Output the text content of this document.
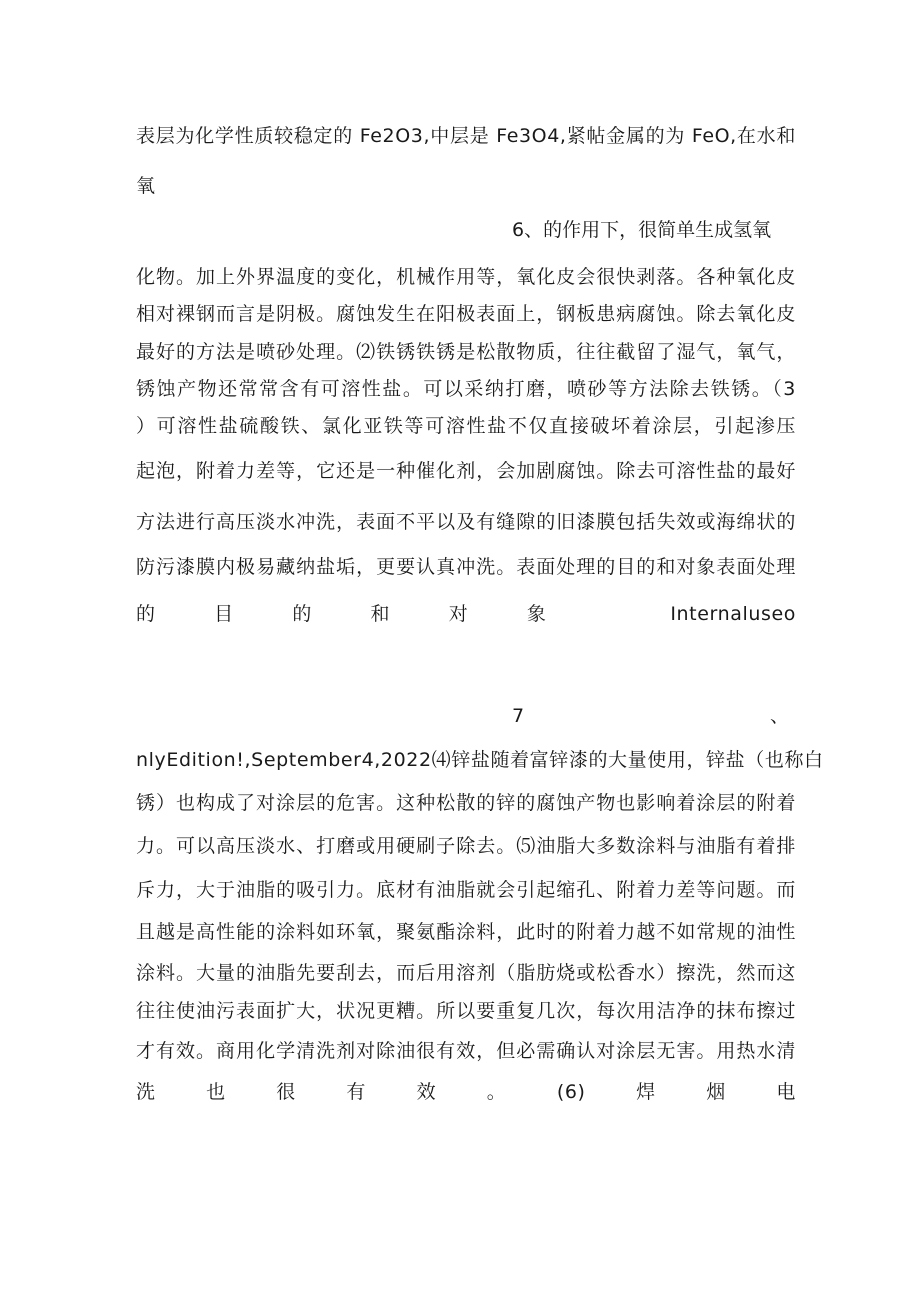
表层为化学性质较稳定的 Fe2O3,中层是 Fe3O4,紧帖金属的为 FeO,在水和
氧
6、的作用下，很简单生成氢氧
化物。加上外界温度的变化，机械作用等，氧化皮会很快剥落。各种氧化皮
相对裸钢而言是阴极。腐蚀发生在阳极表面上，钢板患病腐蚀。除去氧化皮
最好的方法是喷砂处理。⑵铁锈铁锈是松散物质，往往截留了湿气，氧气，
锈蚀产物还常常含有可溶性盐。可以采纳打磨，喷砂等方法除去铁锈。（3
）可溶性盐硫酸铁、氯化亚铁等可溶性盐不仅直接破坏着涂层，引起渗压
起泡，附着力差等，它还是一种催化剂，会加剧腐蚀。除去可溶性盐的最好
方法进行高压淡水冲洗，表面不平以及有缝隙的旧漆膜包括失效或海绵状的
防污漆膜内极易藏纳盐垢，更要认真冲洗。表面处理的目的和对象表面处理
的目的和对象 Internaluseo
7	、
nlyEdition!,September4,2022⑷锌盐随着富锌漆的大量使用，锌盐（也称白
锈）也构成了对涂层的危害。这种松散的锌的腐蚀产物也影响着涂层的附着
力。可以高压淡水、打磨或用硬刷子除去。⑸油脂大多数涂料与油脂有着排
斥力，大于油脂的吸引力。底材有油脂就会引起缩孔、附着力差等问题。而
且越是高性能的涂料如环氧，聚氨酯涂料，此时的附着力越不如常规的油性
涂料。大量的油脂先要刮去，而后用溶剂（脂肪烧或松香水）擦洗，然而这
往往使油污表面扩大，状况更糟。所以要重复几次，每次用洁净的抹布擦过
才有效。商用化学清洗剂对除油很有效，但必需确认对涂层无害。用热水清
洗也很有效。(6)焊烟电
